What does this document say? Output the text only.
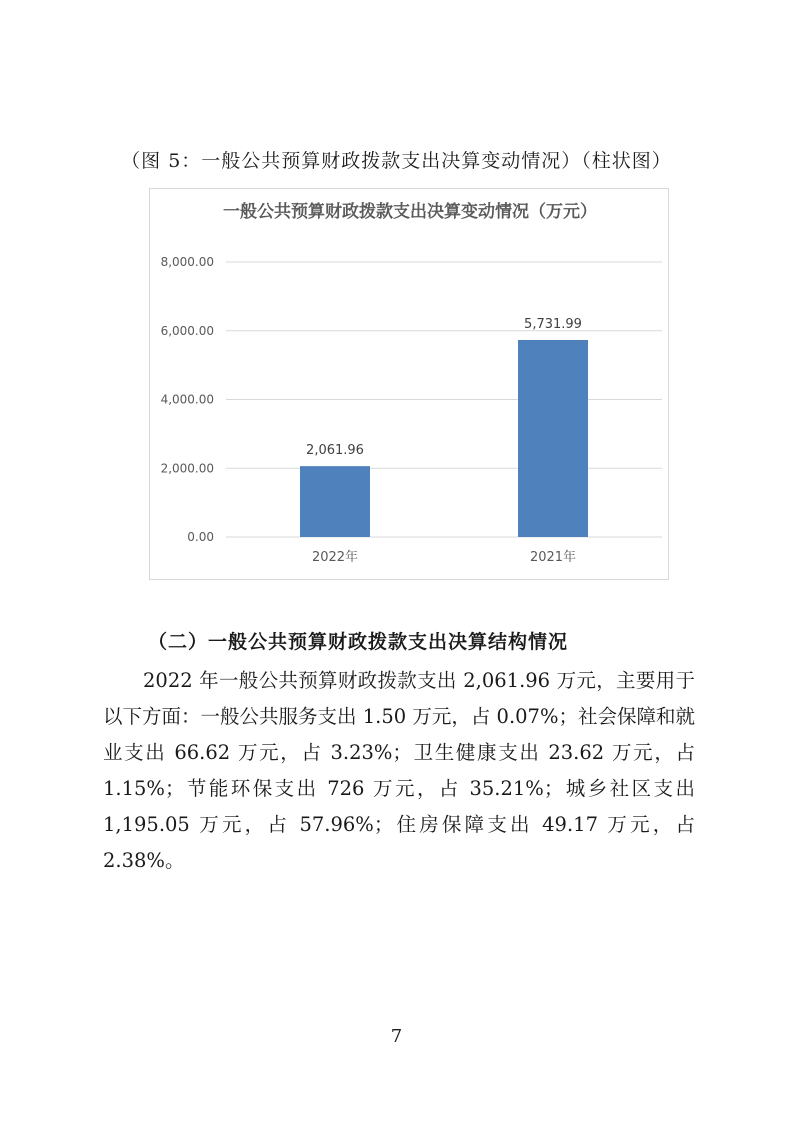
（图 5：一般公共预算财政拨款支出决算变动情况）（柱状图）
一般公共预算财政拨款支出决算变动情况（万元）
0.00
2,000.00
4,000.00
6,000.00
8,000.00
2,061.96
5,731.99
2022年	2021年
（二）一般公共预算财政拨款支出决算结构情况
2022 年一般公共预算财政拨款支出 2,061.96 万元，主要用于以下方面：一般公共服务支出 1.50 万元，占 0.07%；社会保障和就业支出 66.62 万元，占 3.23%；卫生健康支出 23.62 万元，占 1.15%；节能环保支出 726 万元，占 35.21%；城乡社区支出 1,195.05 万元，占 57.96%；住房保障支出 49.17 万元，占 2.38%。
7
